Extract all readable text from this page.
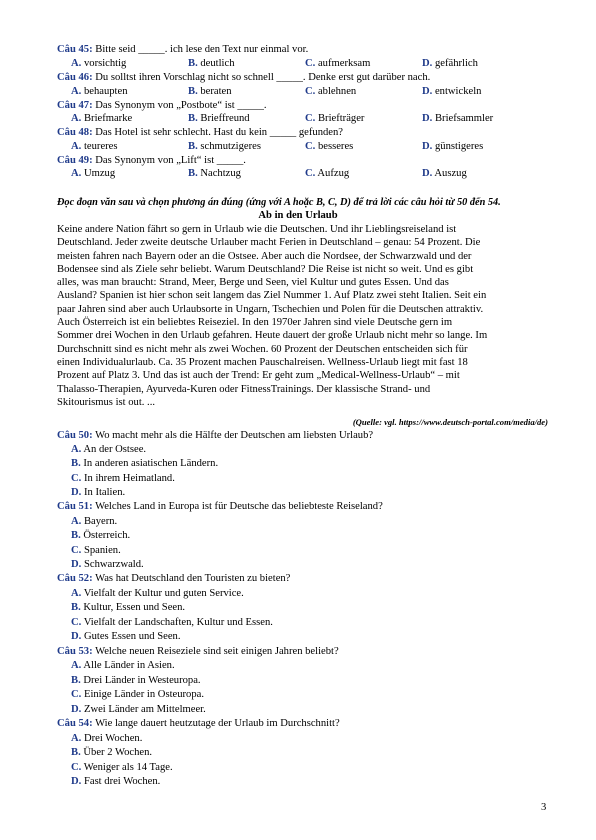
Câu 45: Bitte seid _____. ich lese den Text nur einmal vor.
A. vorsichtig	B. deutlich	C. aufmerksam	D. gefährlich
Câu 46: Du solltst ihren Vorschlag nicht so schnell _____. Denke erst gut darüber nach.
A. behaupten	B. beraten	C. ablehnen	D. entwickeln
Câu 47: Das Synonym von „Postbote“ ist _____.
A. Briefmarke	B. Brieffreund	C. Briefträger	D. Briefsammler
Câu 48: Das Hotel ist sehr schlecht. Hast du kein _____ gefunden?
A. teureres	B. schmutzigeres	C. besseres	D. günstigeres
Câu 49: Das Synonym von „Lift“ ist _____.
A. Umzug	B. Nachtzug	C. Aufzug	D. Auszug
Đọc đoạn văn sau và chọn phương án đúng (ứng với A hoặc B, C, D) để trả lời các câu hỏi từ 50 đến 54.
Ab in den Urlaub
Keine andere Nation fährt so gern in Urlaub wie die Deutschen. Und ihr Lieblingsreiseland ist
Deutschland. Jeder zweite deutsche Urlauber macht Ferien in Deutschland – genau: 54 Prozent. Die
meisten fahren nach Bayern oder an die Ostsee. Aber auch die Nordsee, der Schwarzwald und der
Bodensee sind als Ziele sehr beliebt. Warum Deutschland? Die Reise ist nicht so weit. Und es gibt
alles, was man braucht: Strand, Meer, Berge und Seen, viel Kultur und gutes Essen. Und das
Ausland? Spanien ist hier schon seit langem das Ziel Nummer 1. Auf Platz zwei steht Italien. Seit ein
paar Jahren sind aber auch Urlaubsorte in Ungarn, Tschechien und Polen für die Deutschen attraktiv.
Auch Österreich ist ein beliebtes Reiseziel. In den 1970er Jahren sind viele Deutsche gern im
Sommer drei Wochen in den Urlaub gefahren. Heute dauert der große Urlaub nicht mehr so lange. Im
Durchschnitt sind es nicht mehr als zwei Wochen. 60 Prozent der Deutschen entscheiden sich für
einen Individualurlaub. Ca. 35 Prozent machen Pauschalreisen. Wellness-Urlaub liegt mit fast 18
Prozent auf Platz 3. Und das ist auch der Trend: Er geht zum „Medical-Wellness-Urlaub“ – mit
Thalasso-Therapien, Ayurveda-Kuren oder FitnessTrainings. Der klassische Strand- und
Skitourismus ist out. ...
(Quelle: vgl. https://www.deutsch-portal.com/media/de)
Câu 50: Wo macht mehr als die Hälfte der Deutschen am liebsten Urlaub?
A. An der Ostsee.
B. In anderen asiatischen Ländern.
C. In ihrem Heimatland.
D. In Italien.
Câu 51: Welches Land in Europa ist für Deutsche das beliebteste Reiseland?
A. Bayern.
B. Österreich.
C. Spanien.
D. Schwarzwald.
Câu 52: Was hat Deutschland den Touristen zu bieten?
A. Vielfalt der Kultur und guten Service.
B. Kultur, Essen und Seen.
C. Vielfalt der Landschaften, Kultur und Essen.
D. Gutes Essen und Seen.
Câu 53: Welche neuen Reiseziele sind seit einigen Jahren beliebt?
A. Alle Länder in Asien.
B. Drei Länder in Westeuropa.
C. Einige Länder in Osteuropa.
D. Zwei Länder am Mittelmeer.
Câu 54: Wie lange dauert heutzutage der Urlaub im Durchschnitt?
A. Drei Wochen.
B. Über 2 Wochen.
C. Weniger als 14 Tage.
D. Fast drei Wochen.
3
